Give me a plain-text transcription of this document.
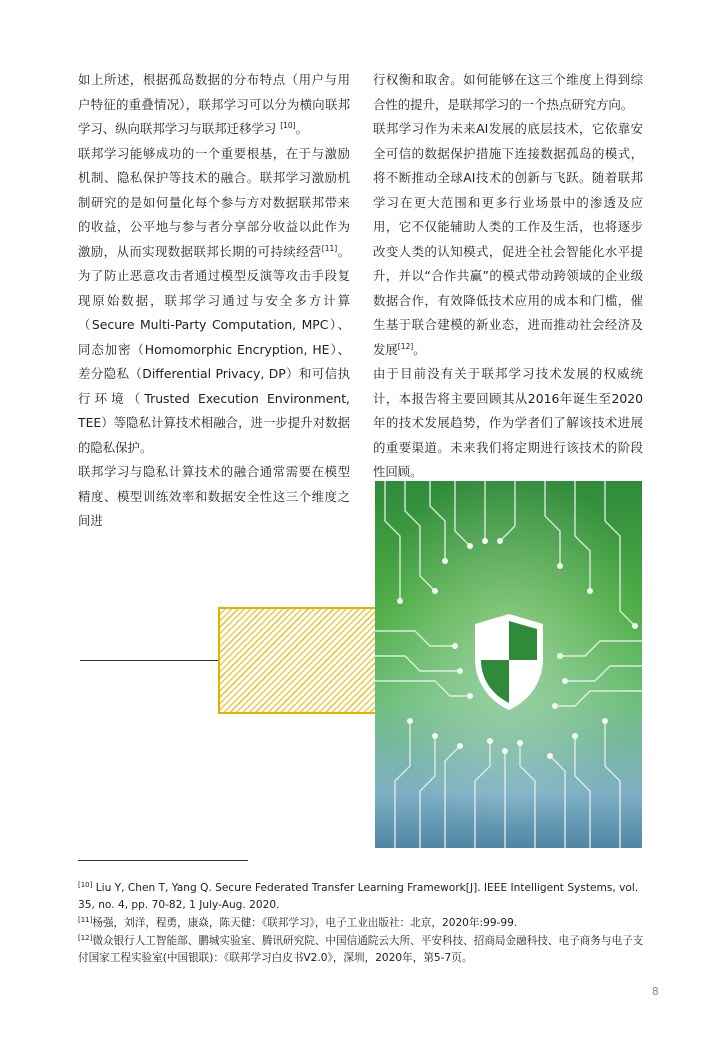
如上所述，根据孤岛数据的分布特点（用户与用户特征的重叠情况），联邦学习可以分为横向联邦学习、纵向联邦学习与联邦迁移学习 [10]。

联邦学习能够成功的一个重要根基，在于与激励机制、隐私保护等技术的融合。联邦学习激励机制研究的是如何量化每个参与方对数据联邦带来的收益，公平地与参与者分享部分收益以此作为激励，从而实现数据联邦长期的可持续经营[11]。为了防止恶意攻击者通过模型反演等攻击手段复现原始数据，联邦学习通过与安全多方计算（Secure Multi-Party Computation, MPC）、同态加密（Homomorphic Encryption, HE）、差分隐私（Differential Privacy, DP）和可信执行环境（Trusted Execution Environment, TEE）等隐私计算技术相融合，进一步提升对数据的隐私保护。

联邦学习与隐私计算技术的融合通常需要在模型精度、模型训练效率和数据安全性这三个维度之间进

行权衡和取舍。如何能够在这三个维度上得到综合性的提升，是联邦学习的一个热点研究方向。

联邦学习作为未来AI发展的底层技术，它依靠安全可信的数据保护措施下连接数据孤岛的模式，将不断推动全球AI技术的创新与飞跃。随着联邦学习在更大范围和更多行业场景中的渗透及应用，它不仅能辅助人类的工作及生活，也将逐步改变人类的认知模式，促进全社会智能化水平提升，并以“合作共赢”的模式带动跨领域的企业级数据合作，有效降低技术应用的成本和门槛，催生基于联合建模的新业态，进而推动社会经济及发展[12]。

由于目前没有关于联邦学习技术发展的权威统计，本报告将主要回顾其从2016年诞生至2020年的技术发展趋势，作为学者们了解该技术进展的重要渠道。未来我们将定期进行该技术的阶段性回顾。

[10] Liu Y, Chen T, Yang Q. Secure Federated Transfer Learning Framework[J]. IEEE Intelligent Systems, vol. 35, no. 4, pp. 70-82, 1 July-Aug. 2020.

[11]杨强，刘洋，程勇，康焱，陈天健：《联邦学习》，电子工业出版社：北京，2020年:99-99.

[12]微众银行人工智能部、鹏城实验室、腾讯研究院、中国信通院云大所、平安科技、招商局金融科技、电子商务与电子支付国家工程实验室(中国银联)：《联邦学习白皮书V2.0》，深圳，2020年，第5-7页。

8
